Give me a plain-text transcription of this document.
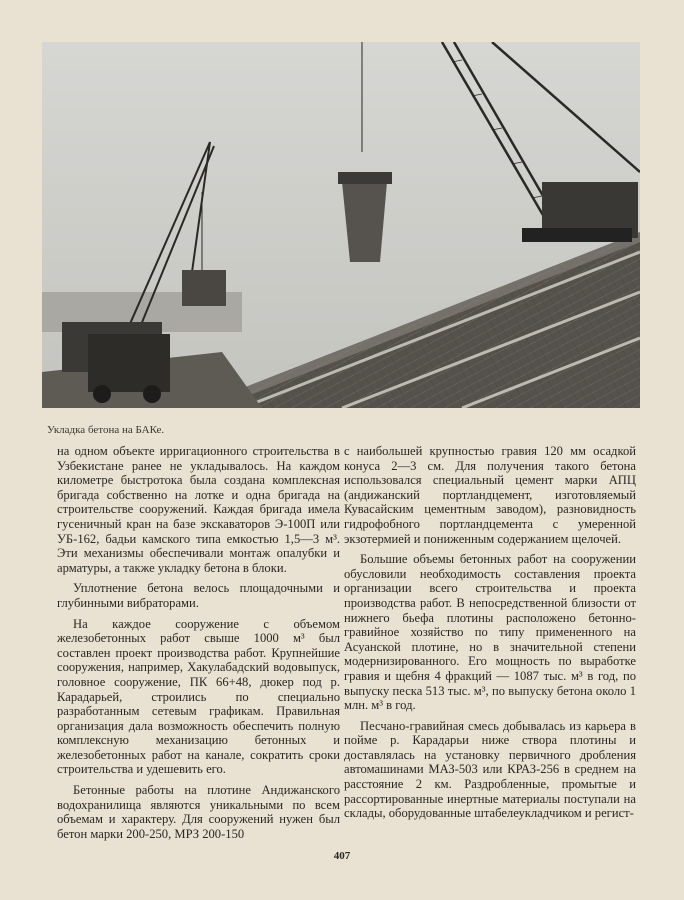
Укладка бетона на БАКе.

на одном объекте ирригационного строительства в Узбекистане ранее не укладывалось. На каждом километре быстротока была создана комплексная бригада собственно на лотке и одна бригада на строительстве сооружений. Каждая бригада имела гусеничный кран на базе экскаваторов Э-100П или УБ-162, бадьи камского типа емкостью 1,5—3 м³. Эти механизмы обеспечивали монтаж опалубки и арматуры, а также укладку бетона в блоки.

Уплотнение бетона велось площадочными и глубинными вибраторами.

На каждое сооружение с объемом железобетонных работ свыше 1000 м³ был составлен проект производства работ. Крупнейшие сооружения, например, Хакулабадский водовыпуск, головное сооружение, ПК 66+48, дюкер под р. Карадарьей, строились по специально разработанным сетевым графикам. Правильная организация дала возможность обеспечить полную комплексную механизацию бетонных и железобетонных работ на канале, сократить сроки строительства и удешевить его.

Бетонные работы на плотине Андижанского водохранилища являются уникальными по всем объемам и характеру. Для сооружений нужен был бетон марки 200-250, МРЗ 200-150

с наибольшей крупностью гравия 120 мм осадкой конуса 2—3 см. Для получения такого бетона использовался специальный цемент марки АПЦ (андижанский портландцемент, изготовляемый Кувасайским цементным заводом), разновидность гидрофобного портландцемента с умеренной экзотермией и пониженным содержанием щелочей.

Большие объемы бетонных работ на сооружении обусловили необходимость составления проекта организации всего строительства и проекта производства работ. В непосредственной близости от нижнего бьефа плотины расположено бетонно-гравийное хозяйство по типу примененного на Асуанской плотине, но в значительной степени модернизированного. Его мощность по выработке гравия и щебня 4 фракций — 1087 тыс. м³ в год, по выпуску песка 513 тыс. м³, по выпуску бетона около 1 млн. м³ в год.

Песчано-гравийная смесь добывалась из карьера в пойме р. Карадарьи ниже створа плотины и доставлялась на установку первичного дробления автомашинами МАЗ-503 или КРАЗ-256 в среднем на расстояние 2 км. Раздробленные, промытые и рассортированные инертные материалы поступали на склады, оборудованные штабелеукладчиком и регист-

407
